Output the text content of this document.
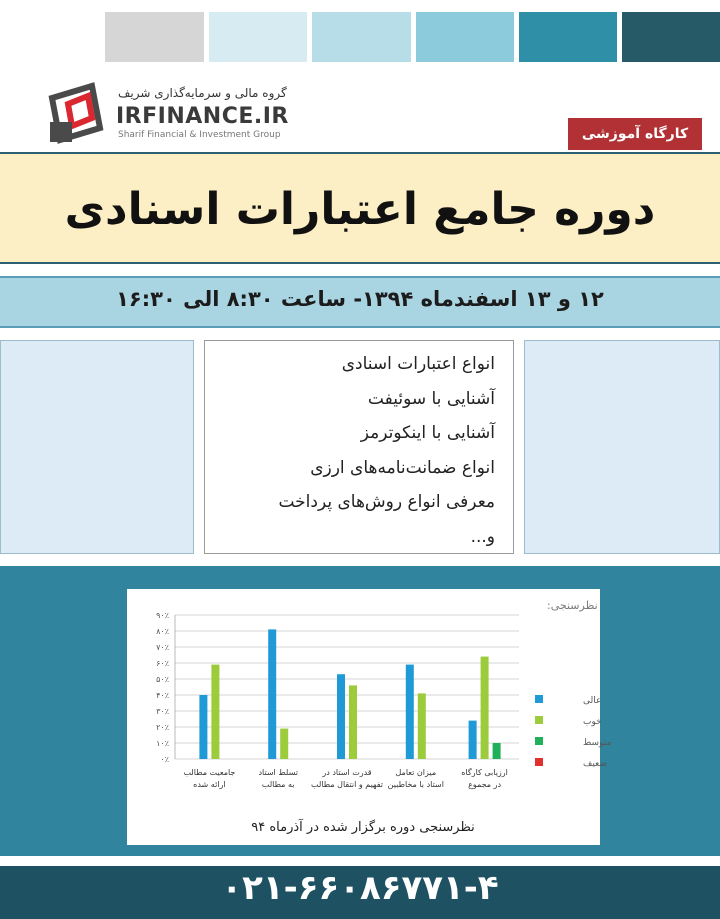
گروه مالی و سرمایه‌گذاری شریف
IRFINANCE.IR
Sharif Financial & Investment Group	کارگاه آموزشی
دوره جامع اعتبارات اسنادی
۱۲ و ۱۳ اسفندماه ۱۳۹۴- ساعت ۸:۳۰ الی ۱۶:۳۰
انواع اعتبارات اسنادی
آشنایی با سوئیفت
آشنایی با اینکوترمز
انواع ضمانت‌نامه‌های ارزی
معرفی انواع روش‌های پرداخت
و...
نظرسنجی:
۰٪
۱۰٪
۲۰٪
۳۰٪
۴۰٪
۵۰٪
۶۰٪
۷۰٪
۸۰٪
۹۰٪
جامعیت مطالب
ارائه شده
تسلط استاد
به مطالب
قدرت استاد در
تفهیم و انتقال مطالب
میزان تعامل
استاد با مخاطبین
ارزیابی کارگاه
در مجموع
عالی
خوب
متوسط
ضعیف
نظرسنجی دوره برگزار شده در آذرماه ۹۴
۰۲۱-۶۶۰۸۶۷۷۱-۴
